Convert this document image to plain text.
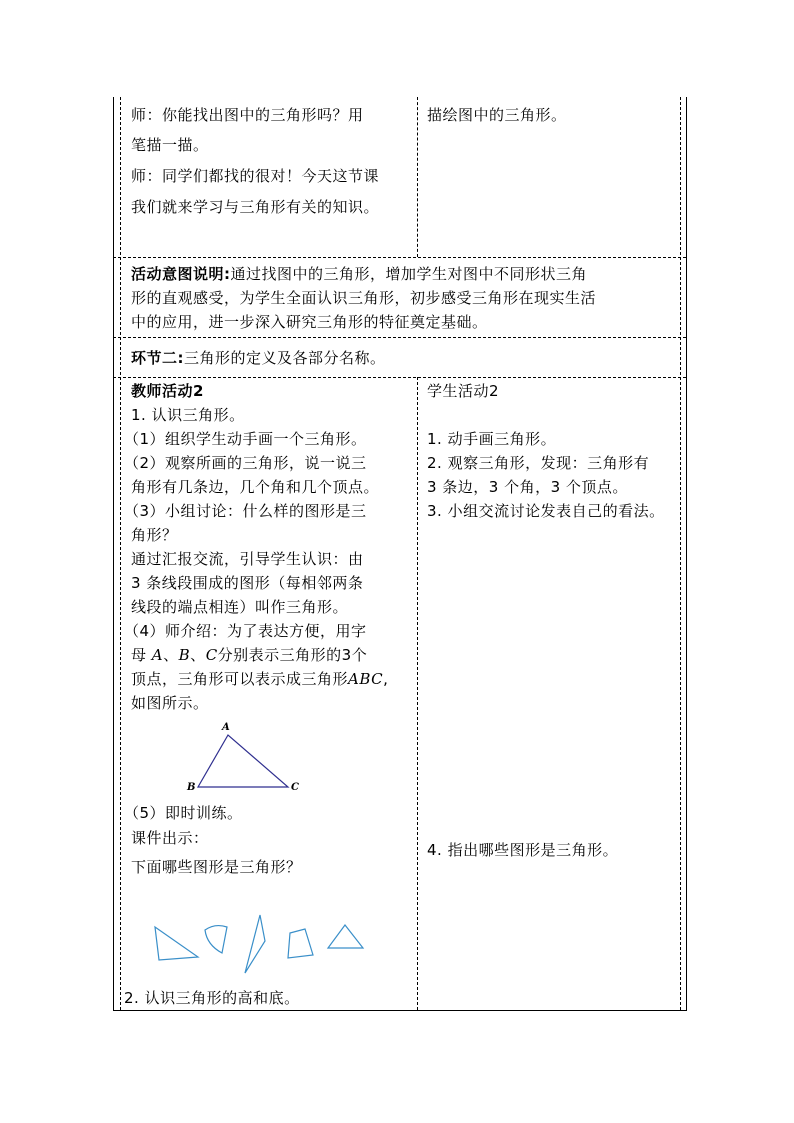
师：你能找出图中的三角形吗？用
笔描一描。
师：同学们都找的很对！今天这节课
我们就来学习与三角形有关的知识。
描绘图中的三角形。
活动意图说明:通过找图中的三角形，增加学生对图中不同形状三角
形的直观感受，为学生全面认识三角形，初步感受三角形在现实生活
中的应用，进一步深入研究三角形的特征奠定基础。
环节二:三角形的定义及各部分名称。
教师活动2
1. 认识三角形。
（1）组织学生动手画一个三角形。
（2）观察所画的三角形，说一说三
角形有几条边，几个角和几个顶点。
（3）小组讨论：什么样的图形是三
角形？
通过汇报交流，引导学生认识：由
3 条线段围成的图形（每相邻两条
线段的端点相连）叫作三角形。
（4）师介绍：为了表达方便，用字
母 A、B、C分别表示三角形的3个
顶点，三角形可以表示成三角形ABC,
如图所示。
A
B	C
（5）即时训练。
课件出示：
下面哪些图形是三角形？
2. 认识三角形的高和底。
学生活动2
1. 动手画三角形。
2. 观察三角形，发现：三角形有
3 条边，3 个角，3 个顶点。
3. 小组交流讨论发表自己的看法。
4. 指出哪些图形是三角形。
